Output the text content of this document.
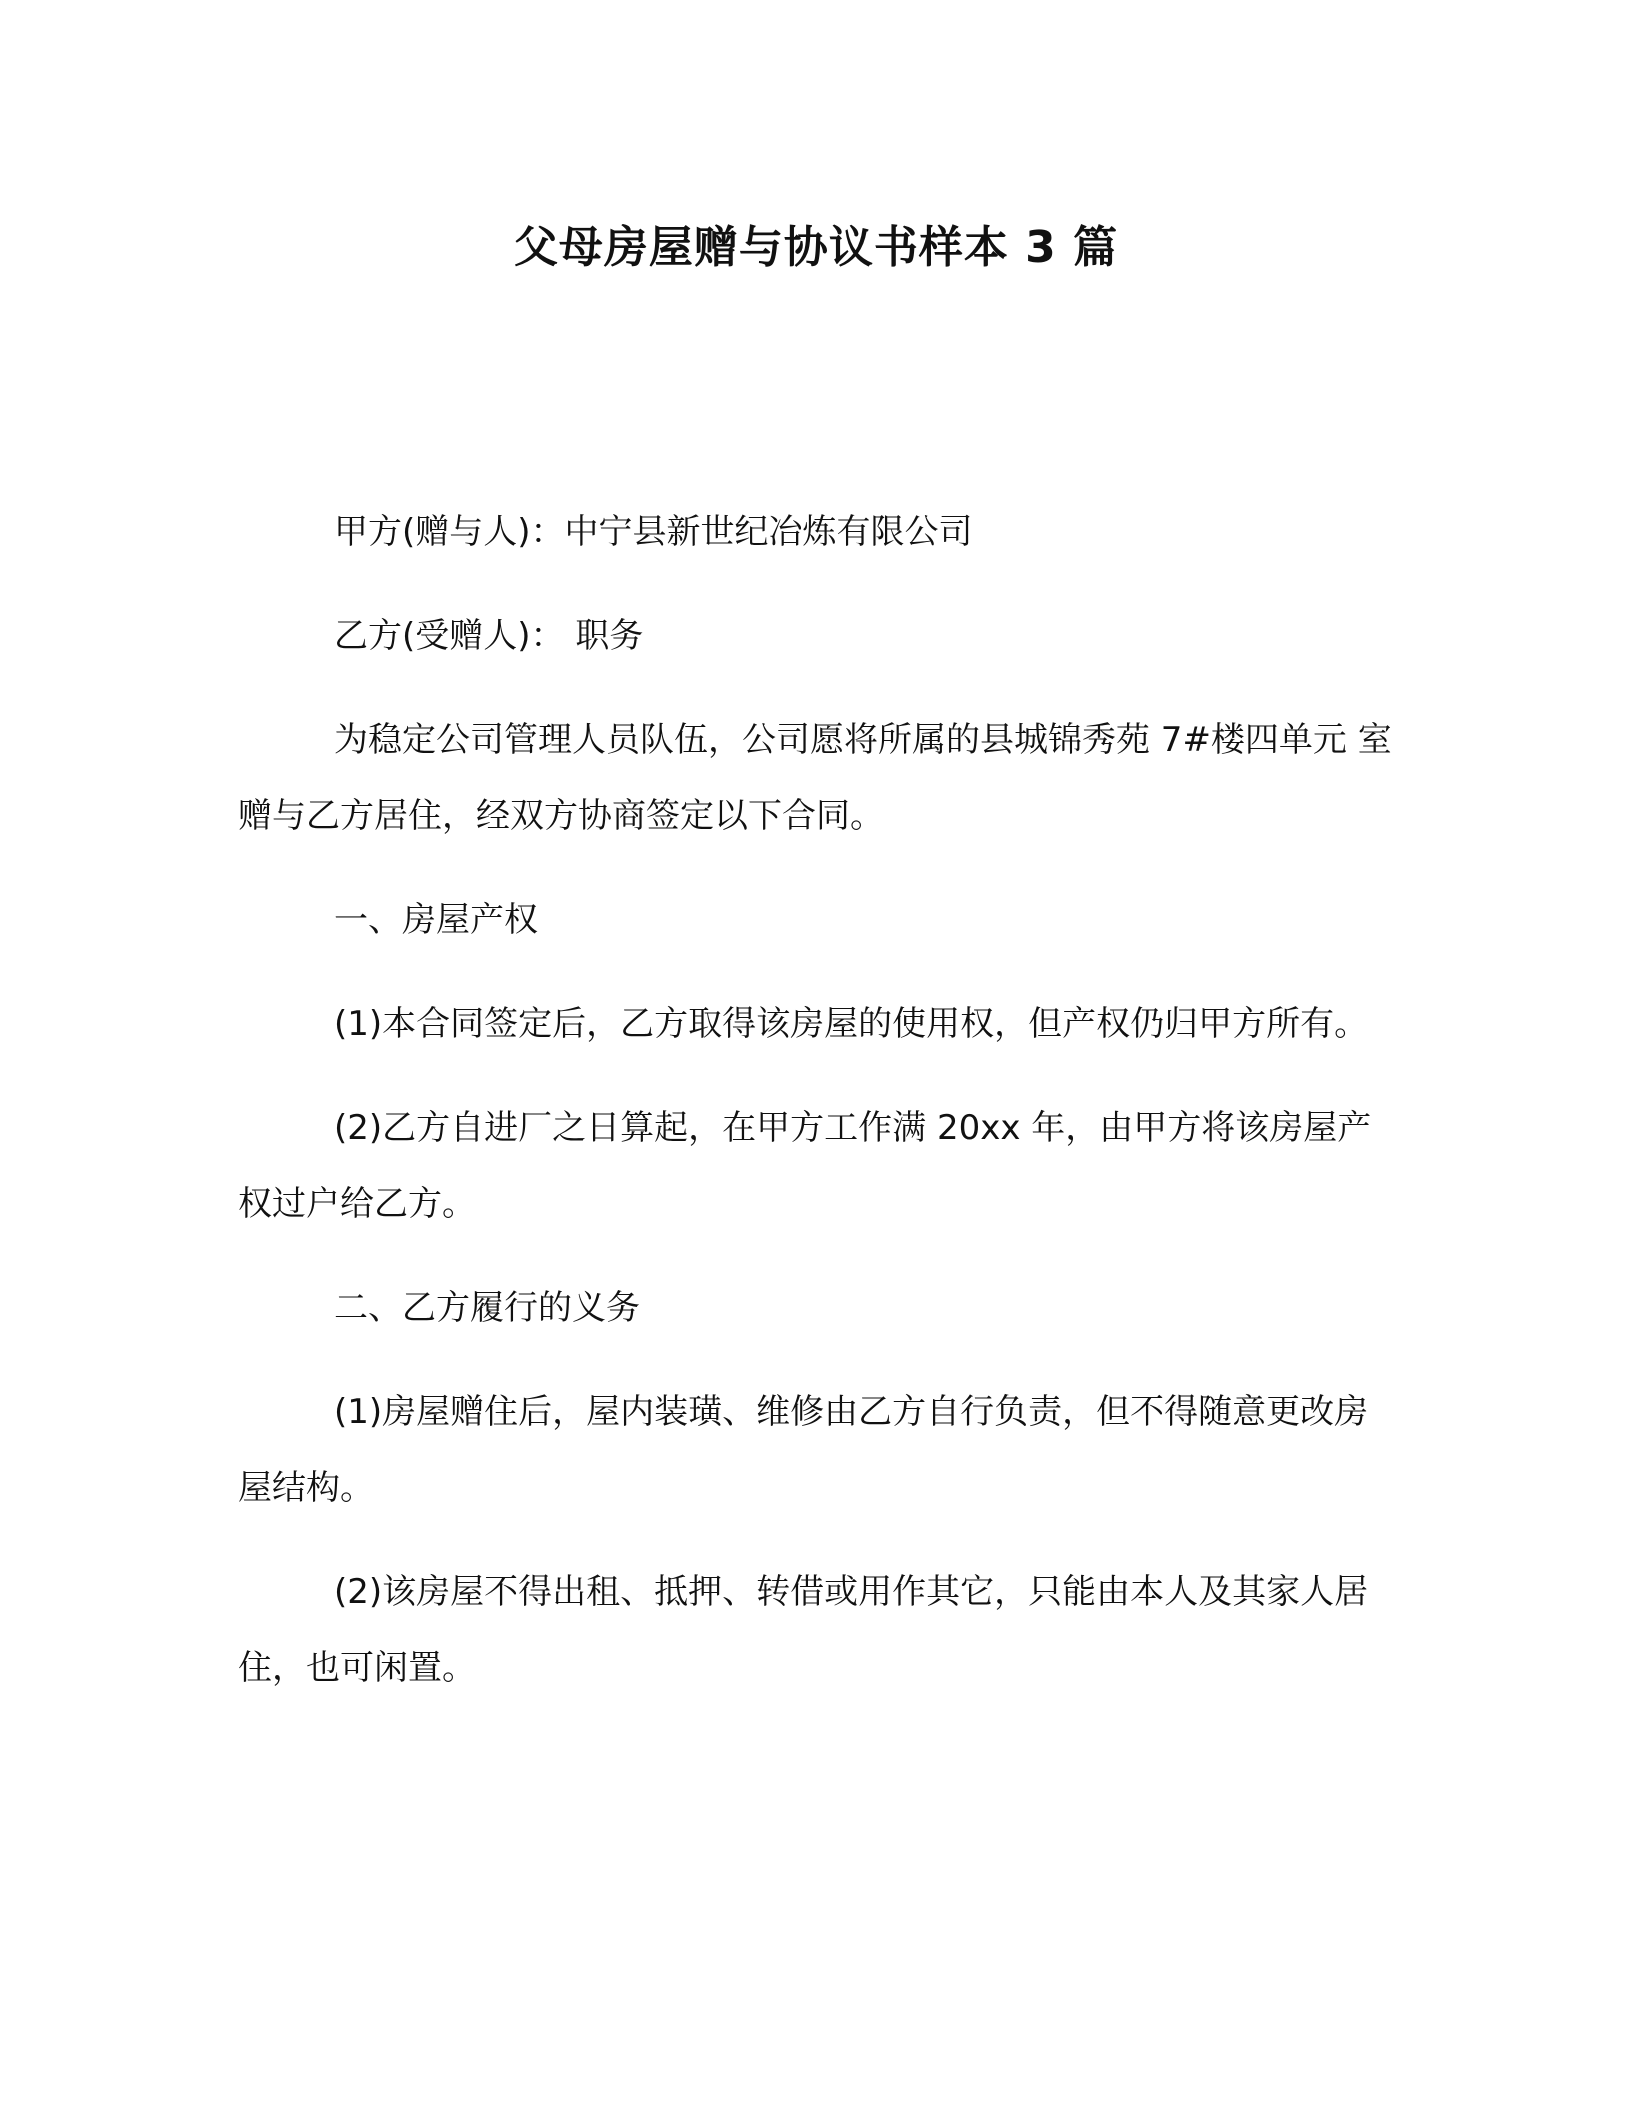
父母房屋赠与协议书样本 3 篇

甲方(赠与人)：中宁县新世纪冶炼有限公司

乙方(受赠人)： 职务

为稳定公司管理人员队伍，公司愿将所属的县城锦秀苑 7#楼四单元 室赠与乙方居住，经双方协商签定以下合同。

一、房屋产权

(1)本合同签定后，乙方取得该房屋的使用权，但产权仍归甲方所有。

(2)乙方自进厂之日算起，在甲方工作满 20xx 年，由甲方将该房屋产权过户给乙方。

二、乙方履行的义务

(1)房屋赠住后，屋内装璜、维修由乙方自行负责，但不得随意更改房屋结构。

(2)该房屋不得出租、抵押、转借或用作其它，只能由本人及其家人居住，也可闲置。
